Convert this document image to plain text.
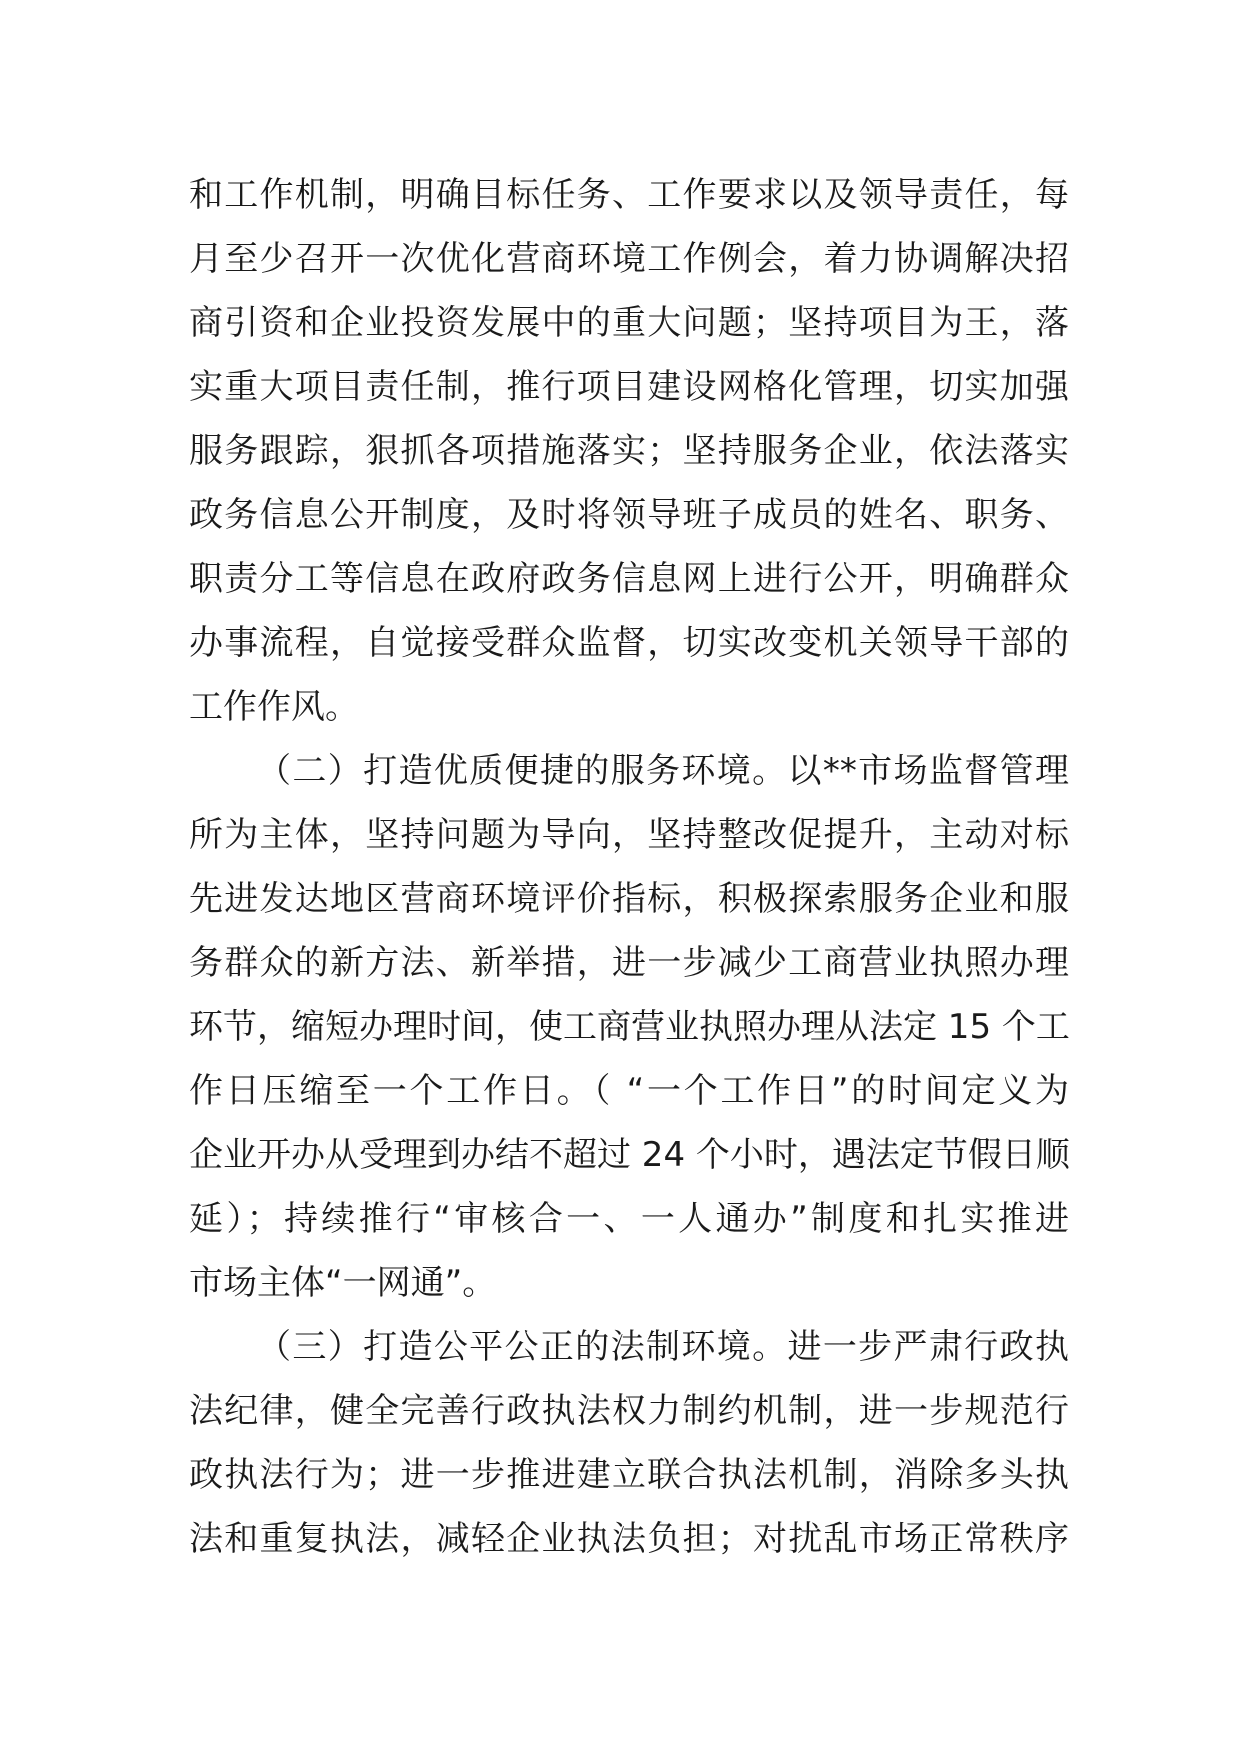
和工作机制，明确目标任务、工作要求以及领导责任，每
月至少召开一次优化营商环境工作例会，着力协调解决招
商引资和企业投资发展中的重大问题；坚持项目为王，落
实重大项目责任制，推行项目建设网格化管理，切实加强
服务跟踪，狠抓各项措施落实；坚持服务企业，依法落实
政务信息公开制度，及时将领导班子成员的姓名、职务、
职责分工等信息在政府政务信息网上进行公开，明确群众
办事流程，自觉接受群众监督，切实改变机关领导干部的
工作作风。
（二）打造优质便捷的服务环境。以**市场监督管理
所为主体，坚持问题为导向，坚持整改促提升，主动对标
先进发达地区营商环境评价指标，积极探索服务企业和服
务群众的新方法、新举措，进一步减少工商营业执照办理
环节，缩短办理时间，使工商营业执照办理从法定 15 个工
作日压缩至一个工作日。（ “一个工作日”的时间定义为
企业开办从受理到办结不超过 24 个小时，遇法定节假日顺
延）；持续推行“审核合一、一人通办”制度和扎实推进
市场主体“一网通”。
（三）打造公平公正的法制环境。进一步严肃行政执
法纪律，健全完善行政执法权力制约机制，进一步规范行
政执法行为；进一步推进建立联合执法机制，消除多头执
法和重复执法，减轻企业执法负担；对扰乱市场正常秩序
